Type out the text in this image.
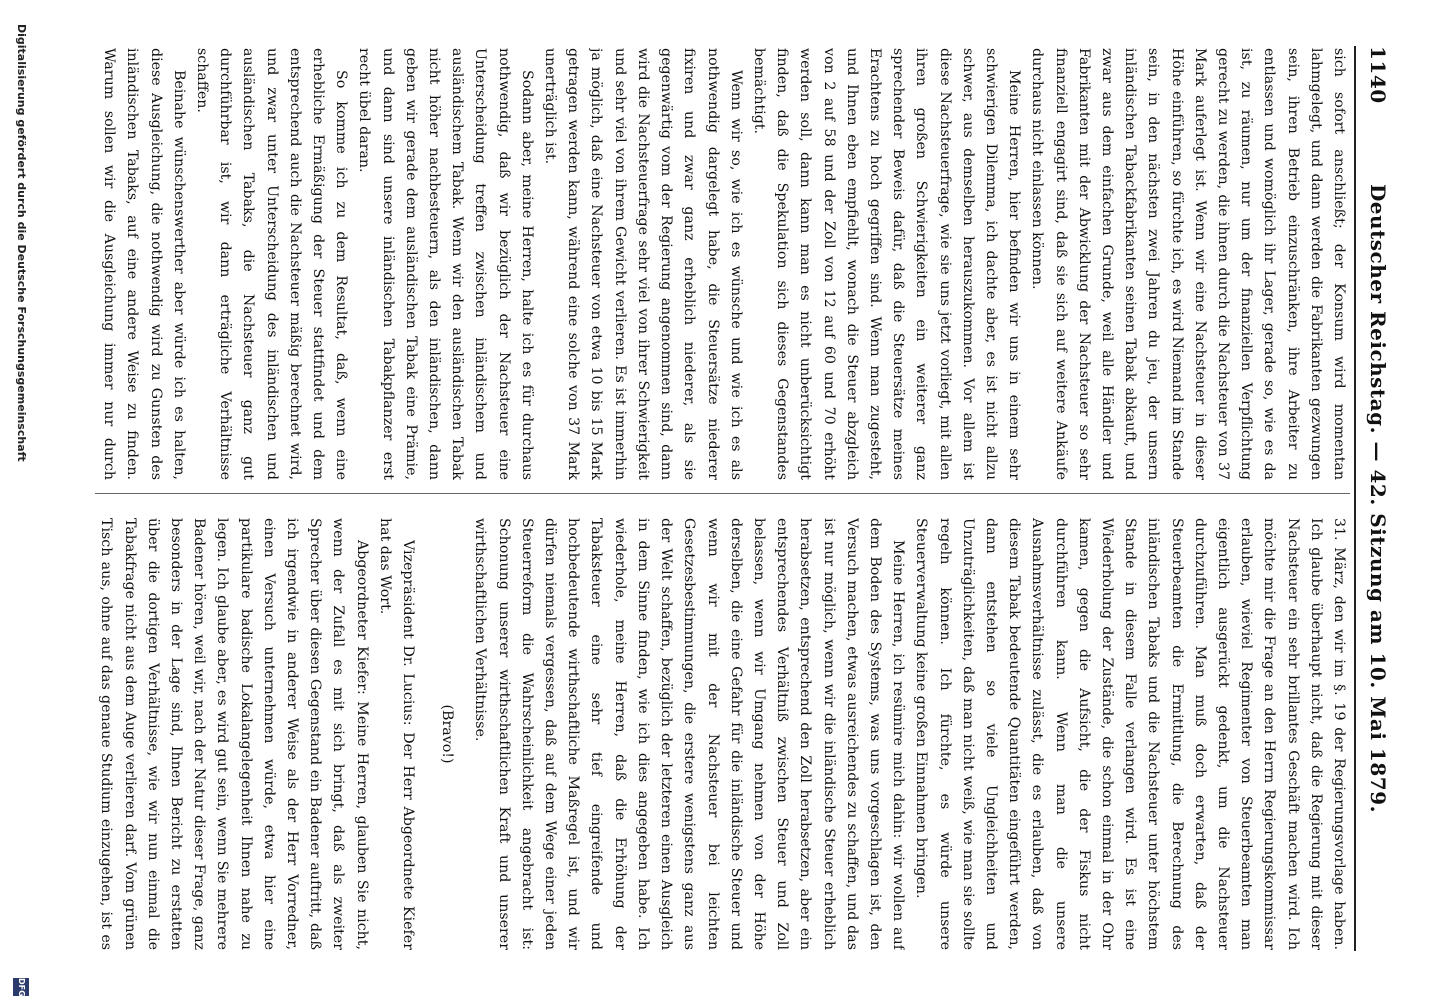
1140
Deutscher Reichstag. — 42. Sitzung am 10. Mai 1879.

sich sofort anschließt; der Konsum wird momentan lahmgelegt, und dann werden die Fabrikanten gezwungen sein, ihren Betrieb einzuschränken, ihre Arbeiter zu entlassen und womöglich ihr Lager, gerade so, wie es da ist, zu räumen, nur um der finanziellen Verpflichtung gerecht zu werden, die ihnen durch die Nachsteuer von 37 Mark auferlegt ist. Wenn wir eine Nachsteuer in dieser Höhe einführen, so fürchte ich, es wird Niemand im Stande sein, in den nächsten zwei Jahren du jeu, der unsern inländischen Tabackfabrikanten seinen Tabak abkauft, und zwar aus dem einfachen Grunde, weil alle Händler und Fabrikanten mit der Abwicklung der Nachsteuer so sehr finanziell engagirt sind, daß sie sich auf weitere Ankäufe durchaus nicht einlassen können.

Meine Herren, hier befinden wir uns in einem sehr schwierigen Dilemma, ich dachte aber, es ist nicht allzu schwer, aus demselben herauszukommen. Vor allem ist diese Nachsteuerfrage, wie sie uns jetzt vorliegt, mit allen ihren großen Schwierigkeiten ein weiterer ganz sprechender Beweis dafür, daß die Steuersätze meines Erachtens zu hoch gegriffen sind. Wenn man zugesteht, und Ihnen eben empfiehlt, wonach die Steuer abzgleich von 2 auf 58 und der Zoll von 12 auf 60 und 70 erhöht werden soll, dann kann man es nicht unberücksichtigt finden, daß die Spekulation sich dieses Gegenstandes bemächtigt.

Wenn wir so, wie ich es wünsche und wie ich es als nothwendig dargelegt habe, die Steuersätze niederer fixiren und zwar ganz erheblich niederer, als sie gegenwärtig vom der Regierung angenommen sind, dann wird die Nachsteuerfrage sehr viel von ihrer Schwierigkeit und sehr viel von ihrem Gewicht verlieren. Es ist immerhin ja möglich, daß eine Nachsteuer von etwa 10 bis 15 Mark getragen werden kann, während eine solche von 37 Mark unerträglich ist.

Sodann aber, meine Herren, halte ich es für durchaus nothwendig, daß wir bezüglich der Nachsteuer eine Unterscheidung treffen zwischen inländischem und ausländischem Tabak. Wenn wir den ausländischen Tabak nicht höher nachbesteuern, als den inländischen, dann geben wir gerade dem ausländischen Tabak eine Prämie, und dann sind unsere inländischen Tabakpflanzer erst recht übel daran.

So komme ich zu dem Resultat, daß, wenn eine erhebliche Ermäßigung der Steuer stattfindet und dem entsprechend auch die Nachsteuer mäßig berechnet wird, und zwar unter Unterscheidung des inländischen und ausländischen Tabaks, die Nachsteuer ganz gut durchführbar ist, wir dann erträgliche Verhältnisse schaffen.

Beinahe wünschenswerther aber würde ich es halten, diese Ausgleichung, die nothwendig wird zu Gunsten des inländischen Tabaks, auf eine andere Weise zu finden. Warum sollen wir die Ausgleichung immer nur durch

31. März, den wir im §. 19 der Regierungsvorlage haben. Ich glaube überhaupt nicht, daß die Regierung mit dieser Nachsteuer ein sehr brillantes Geschäft machen wird. Ich möchte mir die Frage an den Herrn Regierungskommissar erlauben, wieviel Regimenter von Steuerbeamten man eigentlich ausgerückt gedenkt, um die Nachsteuer durchzuführen. Man muß doch erwarten, daß der Steuerbeamten die Ermittlung, die Berechnung des inländischen Tabaks und die Nachsteuer unter höchstem Stande in diesem Falle verlangen wird. Es ist eine Wiederholung der Zustände, die schon einmal in der Ohr kamen, gegen die Aufsicht, die der Fiskus nicht durchführen kann. Wenn man die unsere Ausnahmsverhältnisse zulässt, die es erlauben, daß von diesem Tabak bedeutende Quantitäten eingeführt werden, dann entstehen so viele Ungleichheiten und Unzuträglichkeiten, daß man nicht weiß, wie man sie sollte regeln können. Ich fürchte, es würde unsere Steuerverwaltung keine großen Einnahmen bringen.

Meine Herren, ich resümire mich dahin: wir wollen auf dem Boden des Systems, was uns vorgeschlagen ist, den Versuch machen, etwas ausreichendes zu schaffen, und das ist nur möglich, wenn wir die inländische Steuer erheblich herabsetzen, entsprechend den Zoll herabsetzen, aber ein entsprechendes Verhältniß zwischen Steuer und Zoll belassen, wenn wir Umgang nehmen von der Höhe derselben, die eine Gefahr für die inländische Steuer und wenn wir mit der Nachsteuer bei leichten Gesetzesbestimmungen, die erstere wenigstens ganz aus der Welt schaffen, bezüglich der letzteren einen Ausgleich in dem Sinne finden, wie ich dies angegeben habe. Ich wiederhole, meine Herren, daß die Erhöhung der Tabaksteuer eine sehr tief eingreifende und hochbedeutende wirthschaftliche Maßregel ist, und wir dürfen niemals vergessen, daß auf dem Wege einer jeden Steuerreform die Wahrscheinlichkeit angebracht ist: Schonung unserer wirthschaftlichen Kraft und unserer wirthschaftlichen Verhältnisse.

(Bravo!)

Vizepräsident Dr. Lucius: Der Herr Abgeordnete Kiefer hat das Wort.

Abgeordneter Kiefer: Meine Herren, glauben Sie nicht, wenn der Zufall es mit sich bringt, daß als zweiter Sprecher über diesen Gegenstand ein Badener auftritt, daß ich irgendwie in anderer Weise als der Herr Vorredner, einen Versuch unternehmen würde, etwa hier eine partikulare badische Lokalangelegenheit Ihnen nahe zu legen. Ich glaube aber, es wird gut sein, wenn Sie mehrere Badener hören, weil wir, nach der Natur dieser Frage, ganz besonders in der Lage sind, Ihnen Bericht zu erstatten über die dortigen Verhältnisse, wie wir nun einmal die Tabakfrage nicht aus dem Auge verlieren darf. Vom grünen Tisch aus, ohne auf das genaue Studium einzugehen, ist es

Digitalisierung gefördert durch die Deutsche Forschungsgemeinschaft
DFG
